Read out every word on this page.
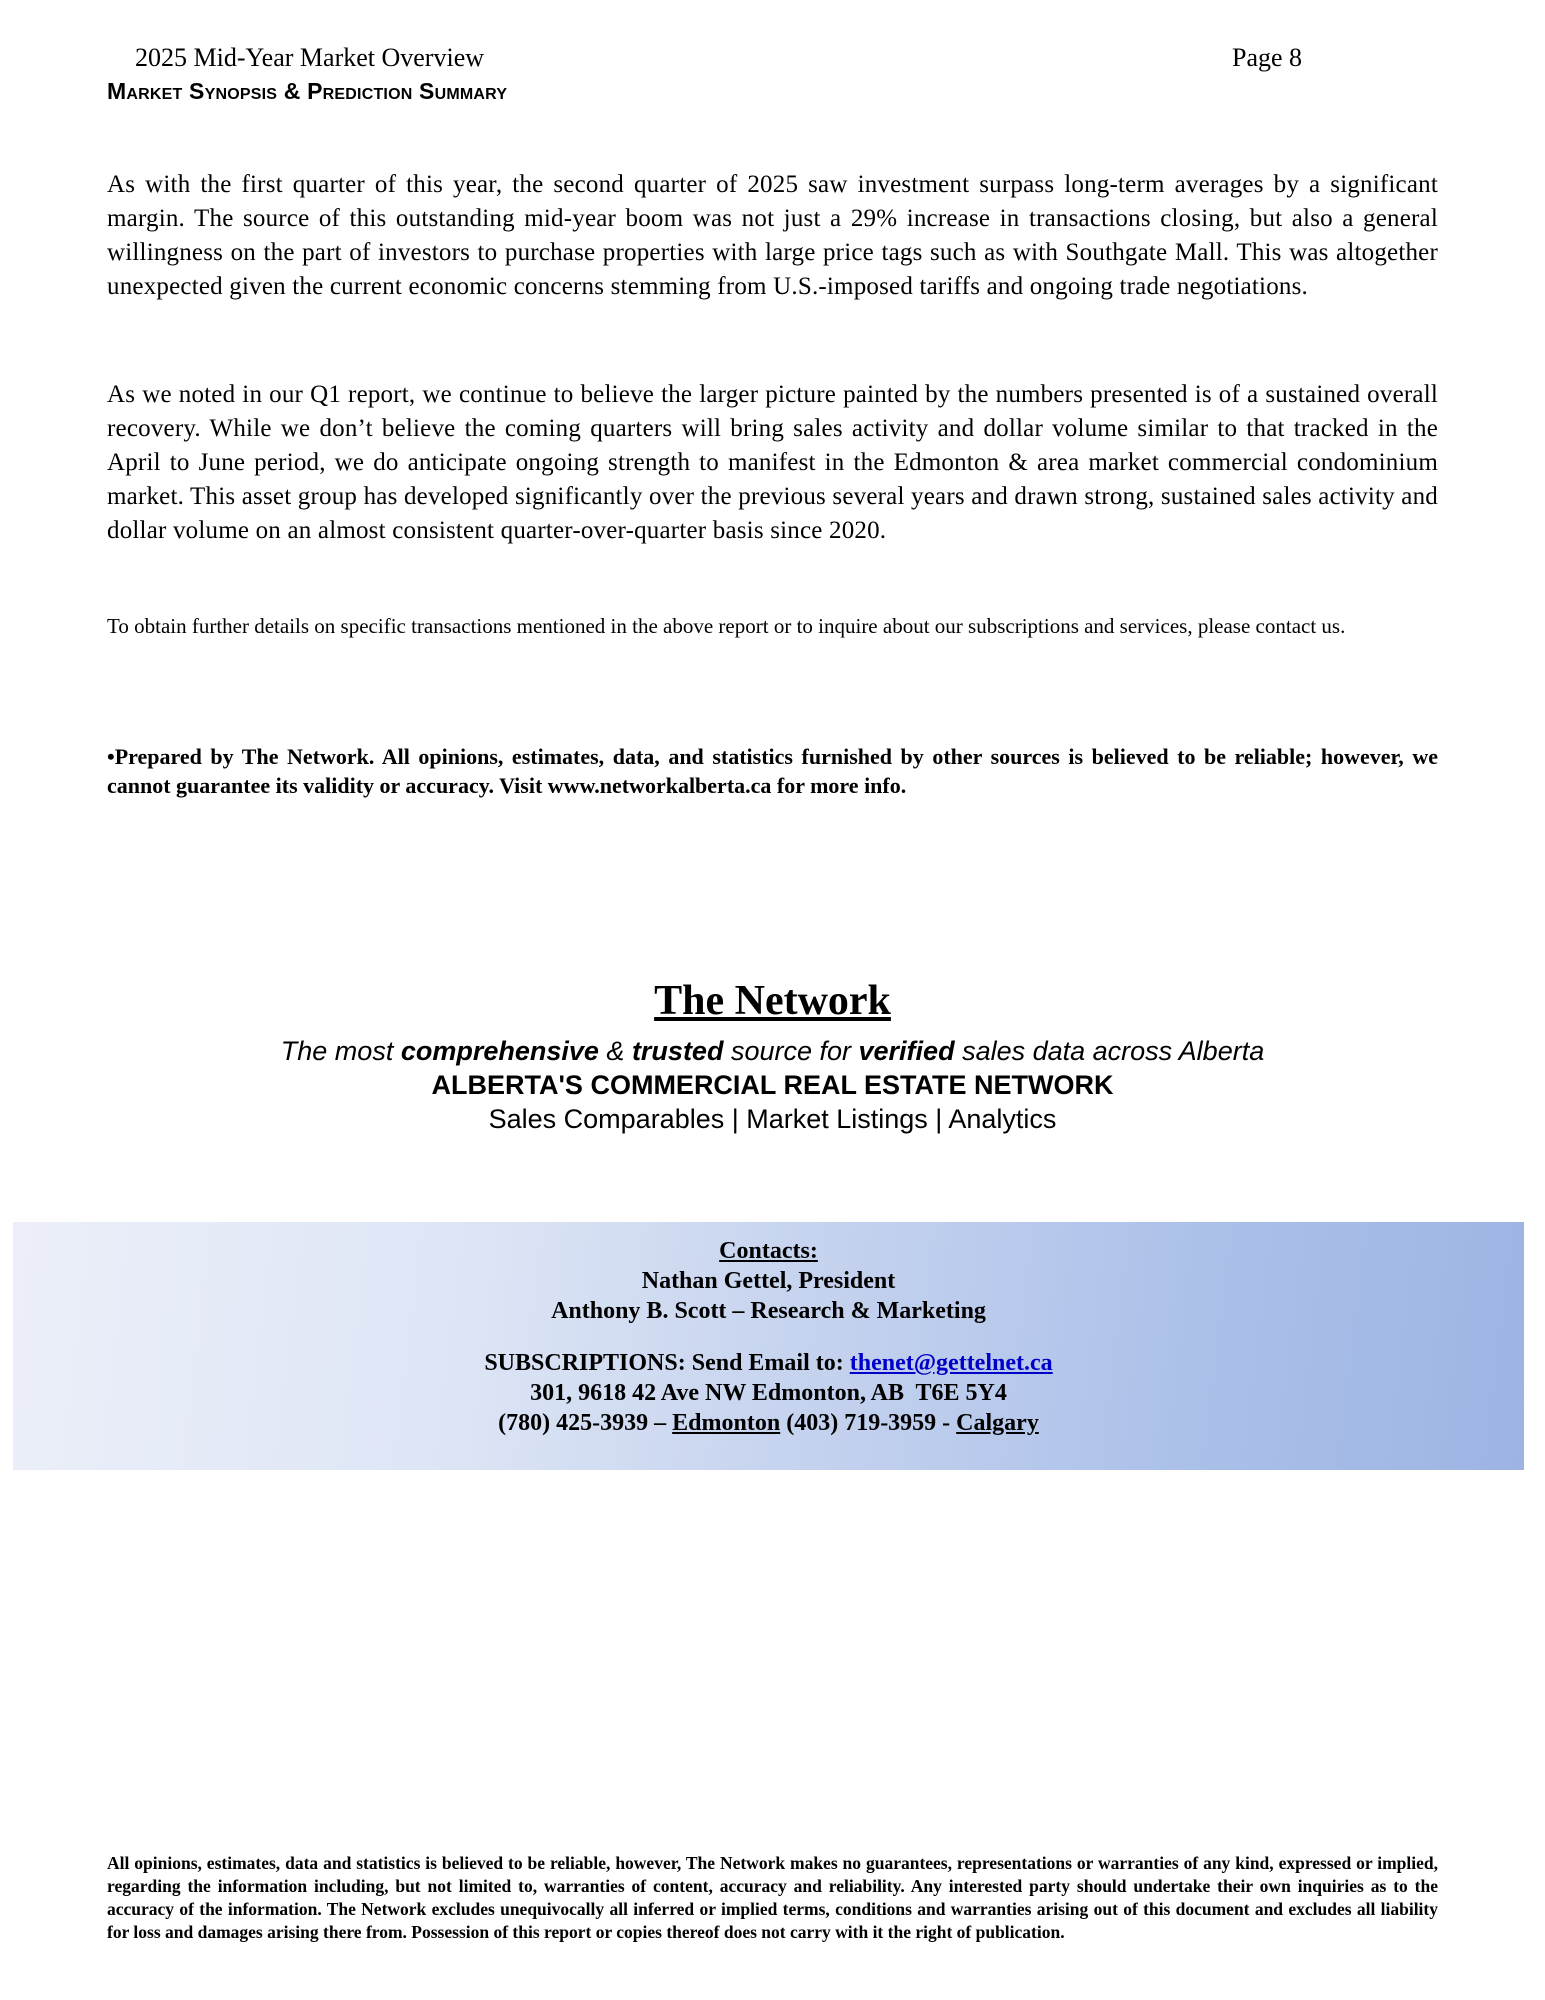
2025 Mid-Year Market Overview	Page 8
Market Synopsis & Prediction Summary

As with the first quarter of this year, the second quarter of 2025 saw investment surpass long-term averages by a significant margin. The source of this outstanding mid-year boom was not just a 29% increase in transactions closing, but also a general willingness on the part of investors to purchase properties with large price tags such as with Southgate Mall. This was altogether unexpected given the current economic concerns stemming from U.S.-imposed tariffs and ongoing trade negotiations.

As we noted in our Q1 report, we continue to believe the larger picture painted by the numbers presented is of a sustained overall recovery. While we don’t believe the coming quarters will bring sales activity and dollar volume similar to that tracked in the April to June period, we do anticipate ongoing strength to manifest in the Edmonton & area market commercial condominium market. This asset group has developed significantly over the previous several years and drawn strong, sustained sales activity and dollar volume on an almost consistent quarter-over-quarter basis since 2020.

To obtain further details on specific transactions mentioned in the above report or to inquire about our subscriptions and services, please contact us.

•Prepared by The Network. All opinions, estimates, data, and statistics furnished by other sources is believed to be reliable; however, we cannot guarantee its validity or accuracy. Visit www.networkalberta.ca for more info.

The Network
The most comprehensive & trusted source for verified sales data across Alberta
ALBERTA'S COMMERCIAL REAL ESTATE NETWORK
Sales Comparables | Market Listings | Analytics
Contacts:
Nathan Gettel, President
Anthony B. Scott – Research & Marketing
SUBSCRIPTIONS: Send Email to: thenet@gettelnet.ca
301, 9618 42 Ave NW Edmonton, AB  T6E 5Y4
(780) 425-3939 – Edmonton (403) 719-3959 - Calgary

All opinions, estimates, data and statistics is believed to be reliable, however, The Network makes no guarantees, representations or warranties of any kind, expressed or implied, regarding the information including, but not limited to, warranties of content, accuracy and reliability. Any interested party should undertake their own inquiries as to the accuracy of the information. The Network excludes unequivocally all inferred or implied terms, conditions and warranties arising out of this document and excludes all liability for loss and damages arising there from. Possession of this report or copies thereof does not carry with it the right of publication.
